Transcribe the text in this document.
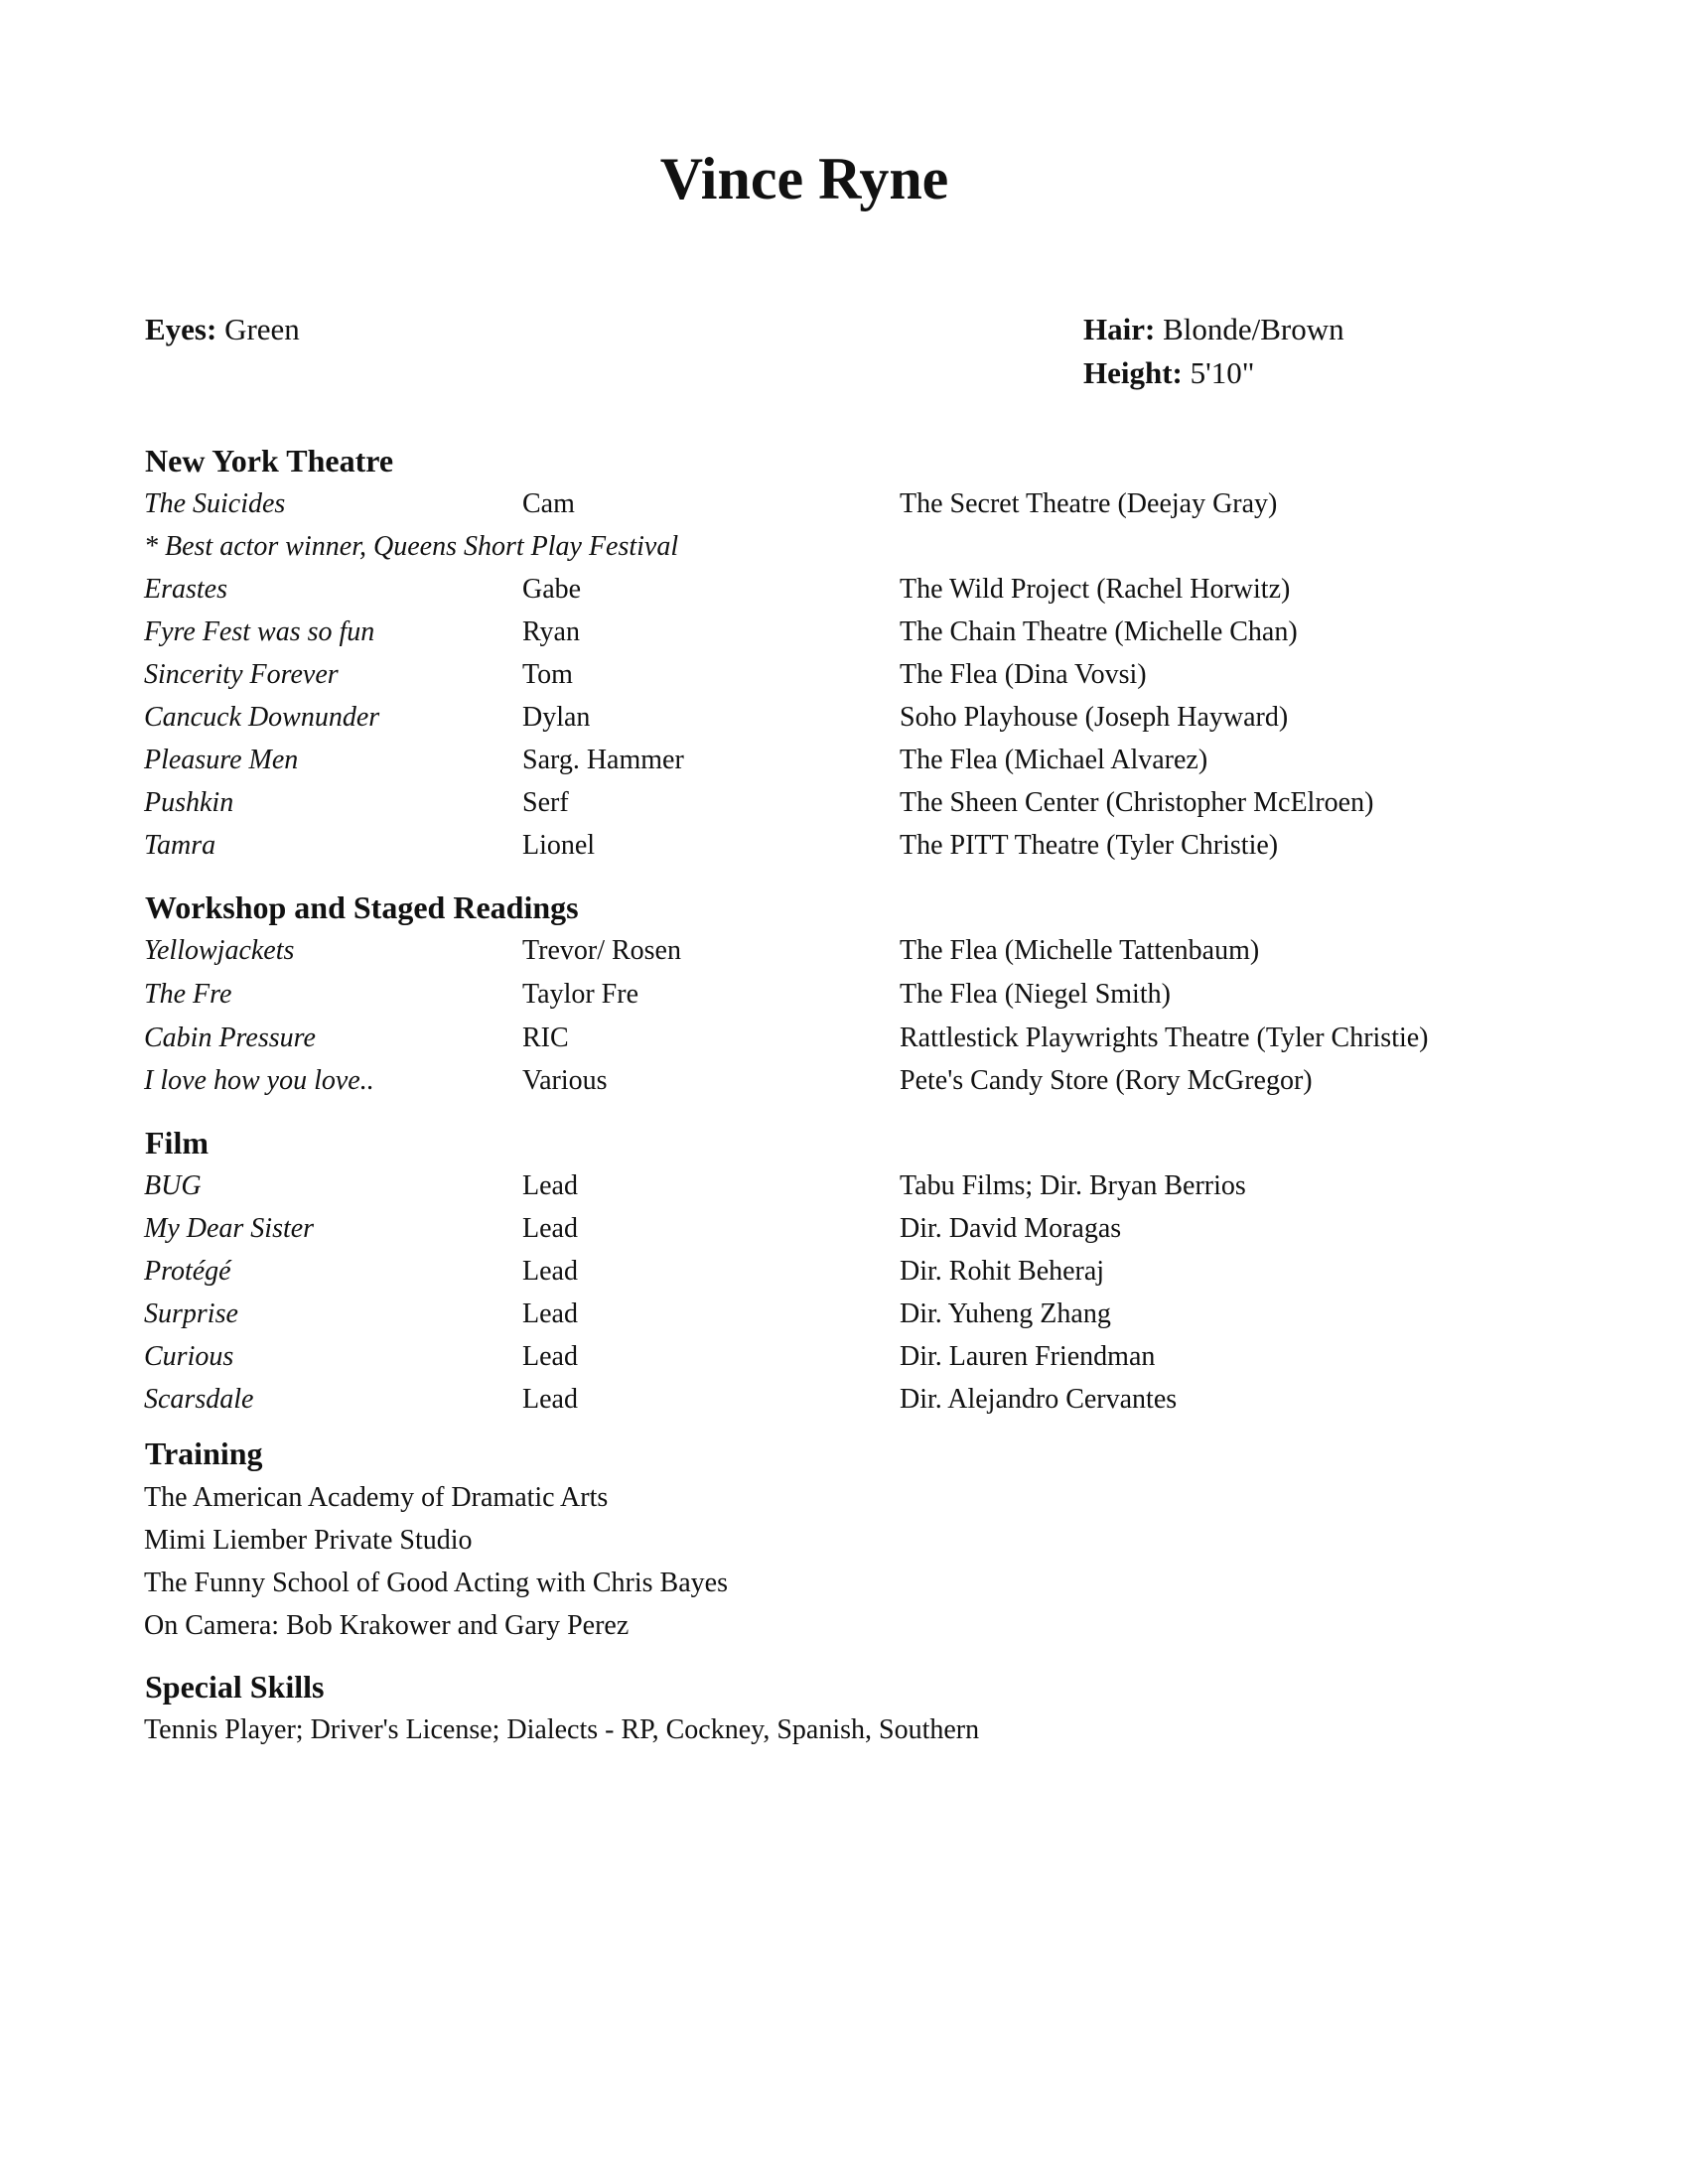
Vince Ryne
Eyes: Green	Hair: Blonde/Brown
Height: 5'10"
New York Theatre
The Suicides	Cam	The Secret Theatre (Deejay Gray)
* Best actor winner, Queens Short Play Festival
Erastes	Gabe	The Wild Project (Rachel Horwitz)
Fyre Fest was so fun	Ryan	The Chain Theatre (Michelle Chan)
Sincerity Forever	Tom	The Flea (Dina Vovsi)
Cancuck Downunder	Dylan	Soho Playhouse (Joseph Hayward)
Pleasure Men	Sarg. Hammer	The Flea (Michael Alvarez)
Pushkin	Serf	The Sheen Center (Christopher McElroen)
Tamra	Lionel	The PITT Theatre (Tyler Christie)
Workshop and Staged Readings
Yellowjackets	Trevor/ Rosen	The Flea (Michelle Tattenbaum)
The Fre	Taylor Fre	The Flea (Niegel Smith)
Cabin Pressure	RIC	Rattlestick Playwrights Theatre (Tyler Christie)
I love how you love..	Various	Pete's Candy Store (Rory McGregor)
Film
BUG	Lead	Tabu Films; Dir. Bryan Berrios
My Dear Sister	Lead	Dir. David Moragas
Protégé	Lead	Dir. Rohit Beheraj
Surprise	Lead	Dir. Yuheng Zhang
Curious	Lead	Dir. Lauren Friendman
Scarsdale	Lead	Dir. Alejandro Cervantes
Training
The American Academy of Dramatic Arts
Mimi Liember Private Studio
The Funny School of Good Acting with Chris Bayes
On Camera: Bob Krakower and Gary Perez
Special Skills
Tennis Player; Driver's License; Dialects - RP, Cockney, Spanish, Southern
